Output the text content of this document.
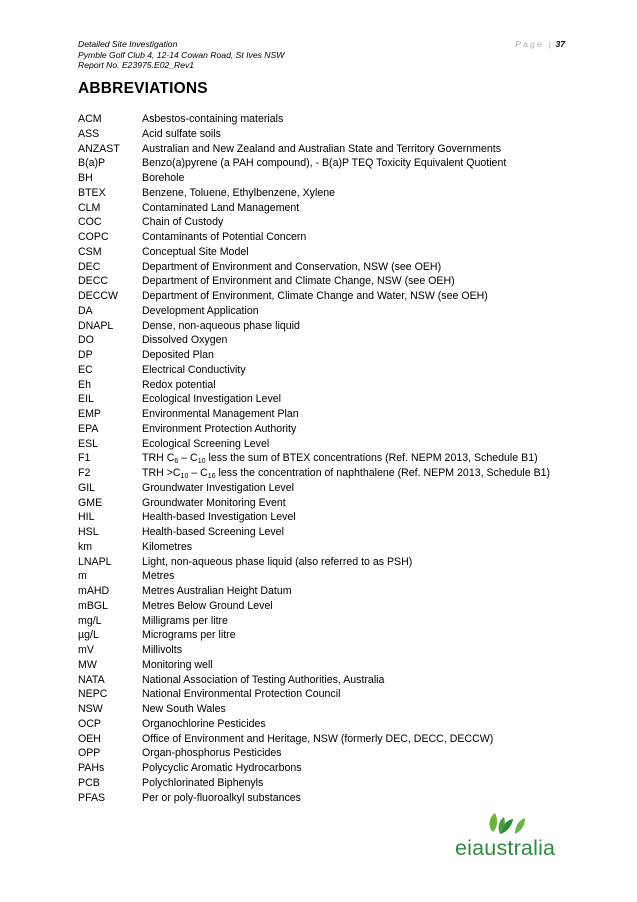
Detailed Site Investigation
Pymble Golf Club 4, 12-14 Cowan Road, St Ives NSW
Report No. E23975.E02_Rev1
Page | 37
ABBREVIATIONS
ACM	Asbestos-containing materials
ASS	Acid sulfate soils
ANZAST	Australian and New Zealand and Australian State and Territory Governments
B(a)P	Benzo(a)pyrene (a PAH compound), - B(a)P TEQ Toxicity Equivalent Quotient
BH	Borehole
BTEX	Benzene, Toluene, Ethylbenzene, Xylene
CLM	Contaminated Land Management
COC	Chain of Custody
COPC	Contaminants of Potential Concern
CSM	Conceptual Site Model
DEC	Department of Environment and Conservation, NSW (see OEH)
DECC	Department of Environment and Climate Change, NSW (see OEH)
DECCW	Department of Environment, Climate Change and Water, NSW (see OEH)
DA	Development Application
DNAPL	Dense, non-aqueous phase liquid
DO	Dissolved Oxygen
DP	Deposited Plan
EC	Electrical Conductivity
Eh	Redox potential
EIL	Ecological Investigation Level
EMP	Environmental Management Plan
EPA	Environment Protection Authority
ESL	Ecological Screening Level
F1	TRH $C_6 - C_{10}$ less the sum of BTEX concentrations (Ref. NEPM 2013, Schedule B1)
F2	TRH $>C_{10} - C_{16}$ less the concentration of naphthalene (Ref. NEPM 2013, Schedule B1)
GIL	Groundwater Investigation Level
GME	Groundwater Monitoring Event
HIL	Health-based Investigation Level
HSL	Health-based Screening Level
km	Kilometres
LNAPL	Light, non-aqueous phase liquid (also referred to as PSH)
m	Metres
mAHD	Metres Australian Height Datum
mBGL	Metres Below Ground Level
mg/L	Milligrams per litre
µg/L	Micrograms per litre
mV	Millivolts
MW	Monitoring well
NATA	National Association of Testing Authorities, Australia
NEPC	National Environmental Protection Council
NSW	New South Wales
OCP	Organochlorine Pesticides
OEH	Office of Environment and Heritage, NSW (formerly DEC, DECC, DECCW)
OPP	Organ-phosphorus Pesticides
PAHs	Polycyclic Aromatic Hydrocarbons
PCB	Polychlorinated Biphenyls
PFAS	Per or poly-fluoroalkyl substances
eiaustralia
